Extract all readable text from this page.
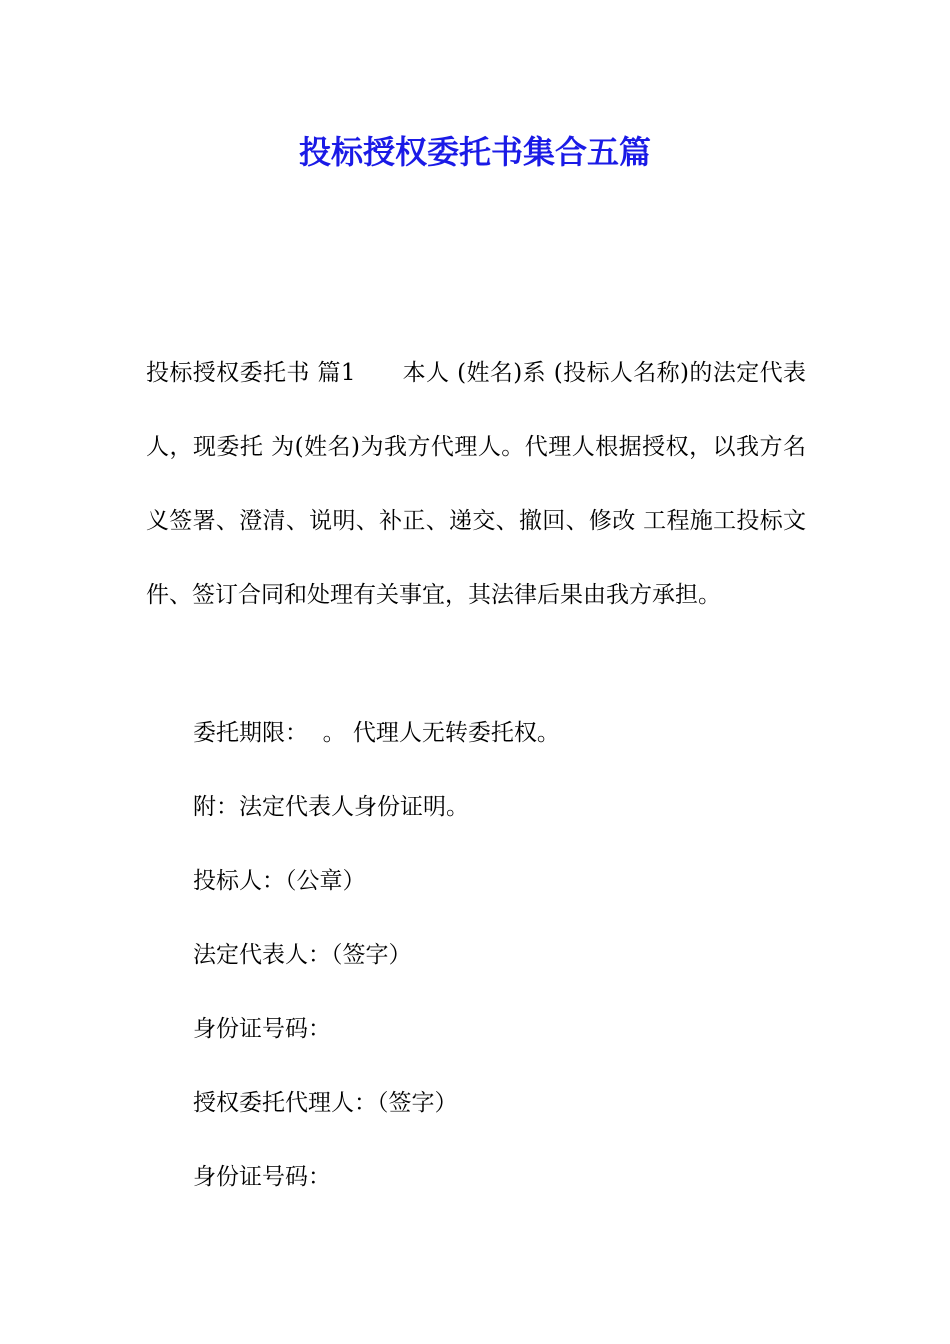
投标授权委托书集合五篇

投标授权委托书 篇1　　本人 (姓名)系 (投标人名称)的法定代表人，现委托 为(姓名)为我方代理人。代理人根据授权，以我方名义签署、澄清、说明、补正、递交、撤回、修改 工程施工投标文件、签订合同和处理有关事宜，其法律后果由我方承担。

委托期限：  。 代理人无转委托权。

附：法定代表人身份证明。

投标人：（公章）

法定代表人：（签字）

身份证号码：

授权委托代理人：（签字）

身份证号码：
